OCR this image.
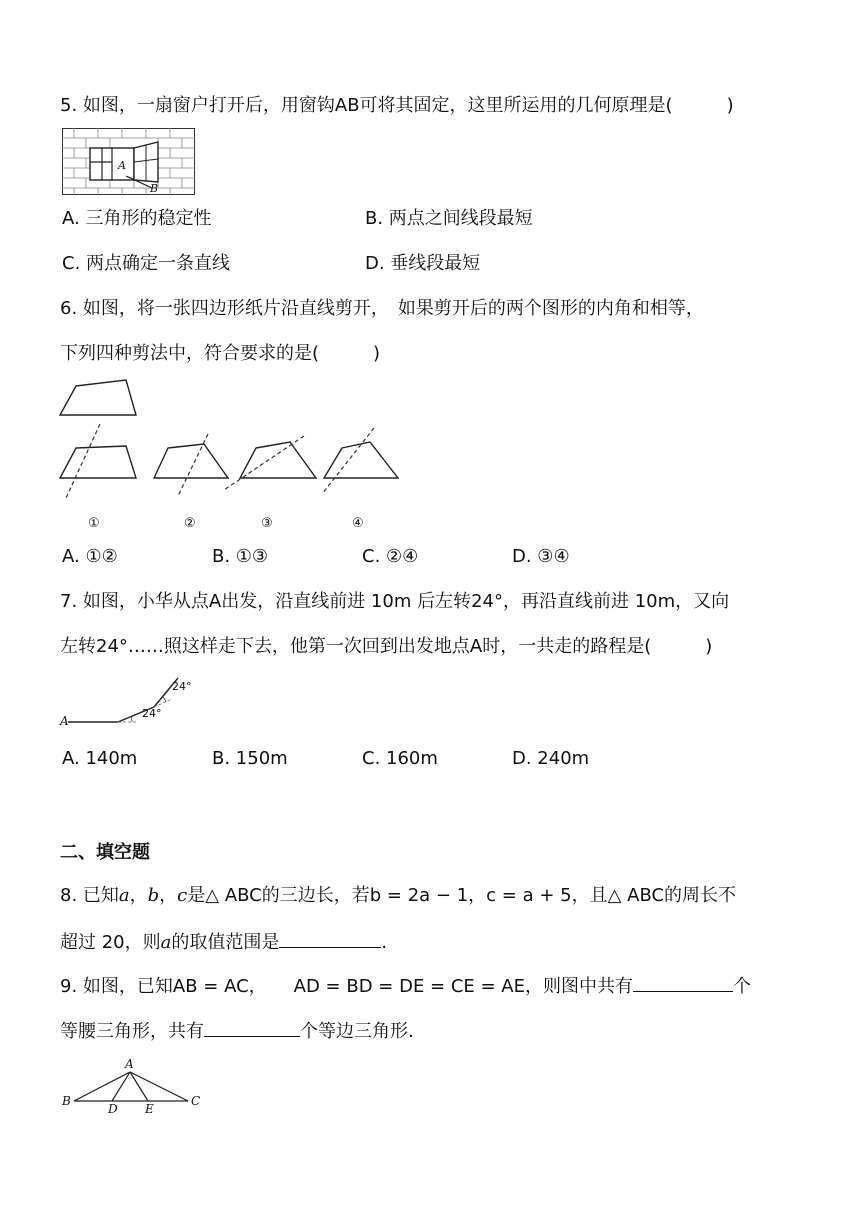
5. 如图，一扇窗户打开后，用窗钩AB可将其固定，这里所运用的几何原理是(　　　)
A
B
A. 三角形的稳定性	B. 两点之间线段最短
C. 两点确定一条直线	D. 垂线段最短
6. 如图，将一张四边形纸片沿直线剪开，　如果剪开后的两个图形的内角和相等，
下列四种剪法中，符合要求的是(　　　)
①	②	③	④
A. ①②	B. ①③	C. ②④	D. ③④
7. 如图，小华从点A出发，沿直线前进 10m 后左转24°，再沿直线前进 10m，又向
左转24°……照这样走下去，他第一次回到出发地点A时，一共走的路程是(　　　)
A
24°
24°
A. 140m	B. 150m	C. 160m	D. 240m
二、填空题
8. 已知a，b，c是△ ABC的三边长，若b = 2a − 1，c = a + 5，且△ ABC的周长不
超过 20，则a的取值范围是	.
9. 如图，已知AB = AC，　　AD = BD = DE = CE = AE，则图中共有	个
等腰三角形，共有	个等边三角形.
A
B
D E
C
